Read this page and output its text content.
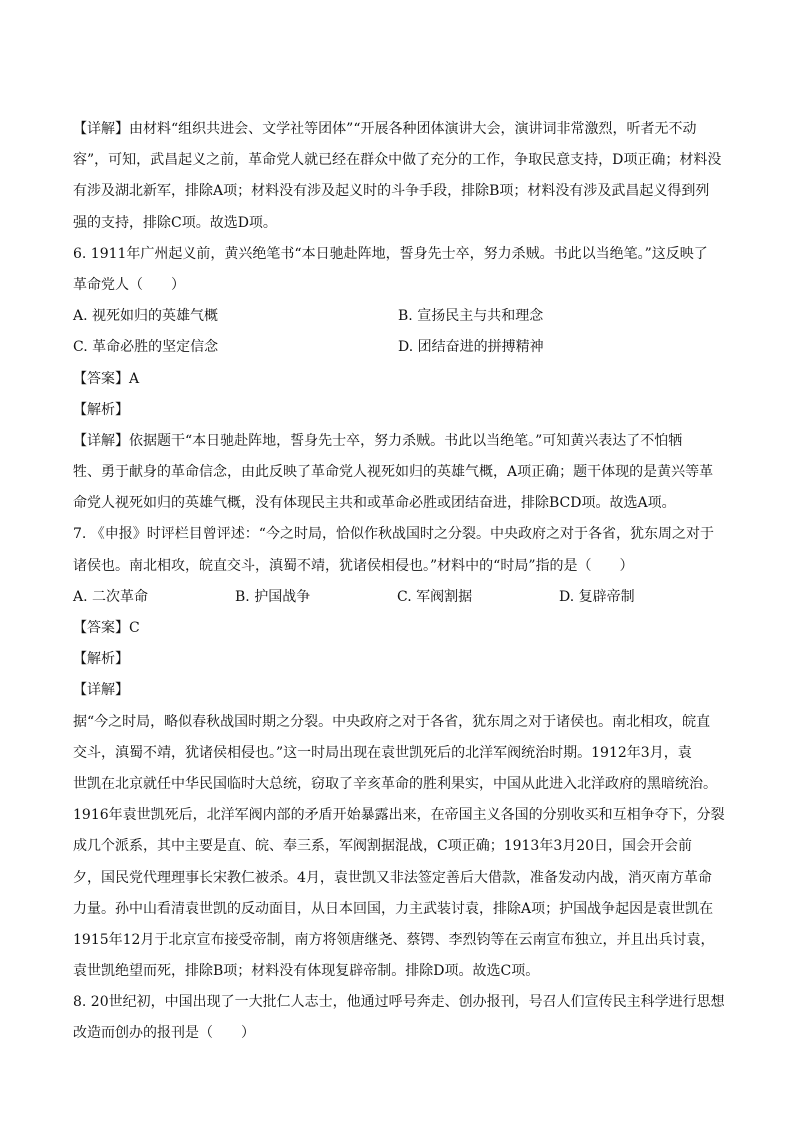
【详解】由材料“组织共进会、文学社等团体”“开展各种团体演讲大会，演讲词非常激烈，听者无不动
容”，可知，武昌起义之前，革命党人就已经在群众中做了充分的工作，争取民意支持，D项正确；材料没
有涉及湖北新军，排除A项；材料没有涉及起义时的斗争手段，排除B项；材料没有涉及武昌起义得到列
强的支持，排除C项。故选D项。
6. 1911年广州起义前，黄兴绝笔书“本日驰赴阵地，誓身先士卒，努力杀贼。书此以当绝笔。”这反映了
革命党人（　　）
A. 视死如归的英雄气概	B. 宣扬民主与共和理念
C. 革命必胜的坚定信念	D. 团结奋进的拼搏精神
【答案】A
【解析】
【详解】依据题干“本日驰赴阵地，誓身先士卒，努力杀贼。书此以当绝笔。”可知黄兴表达了不怕牺
牲、勇于献身的革命信念，由此反映了革命党人视死如归的英雄气概，A项正确；题干体现的是黄兴等革
命党人视死如归的英雄气概，没有体现民主共和或革命必胜或团结奋进，排除BCD项。故选A项。
7. 《申报》时评栏目曾评述：“今之时局，恰似作秋战国时之分裂。中央政府之对于各省，犹东周之对于
诸侯也。南北相攻，皖直交斗，滇蜀不靖，犹诸侯相侵也。”材料中的“时局”指的是（　　）
A. 二次革命	B. 护国战争	C. 军阀割据	D. 复辟帝制
【答案】C
【解析】
【详解】
据“今之时局，略似春秋战国时期之分裂。中央政府之对于各省，犹东周之对于诸侯也。南北相攻，皖直
交斗，滇蜀不靖，犹诸侯相侵也。”这一时局出现在袁世凯死后的北洋军阀统治时期。1912年3月，袁
世凯在北京就任中华民国临时大总统，窃取了辛亥革命的胜利果实，中国从此进入北洋政府的黑暗统治。
1916年袁世凯死后，北洋军阀内部的矛盾开始暴露出来，在帝国主义各国的分别收买和互相争夺下，分裂
成几个派系，其中主要是直、皖、奉三系，军阀割据混战，C项正确；1913年3月20日，国会开会前
夕，国民党代理理事长宋教仁被杀。4月，袁世凯又非法签定善后大借款，准备发动内战，消灭南方革命
力量。孙中山看清袁世凯的反动面目，从日本回国，力主武装讨袁，排除A项；护国战争起因是袁世凯在
1915年12月于北京宣布接受帝制，南方将领唐继尧、蔡锷、李烈钧等在云南宣布独立，并且出兵讨袁，
袁世凯绝望而死，排除B项；材料没有体现复辟帝制。排除D项。故选C项。
8. 20世纪初，中国出现了一大批仁人志士，他通过呼号奔走、创办报刊，号召人们宣传民主科学进行思想
改造而创办的报刊是（　　）
